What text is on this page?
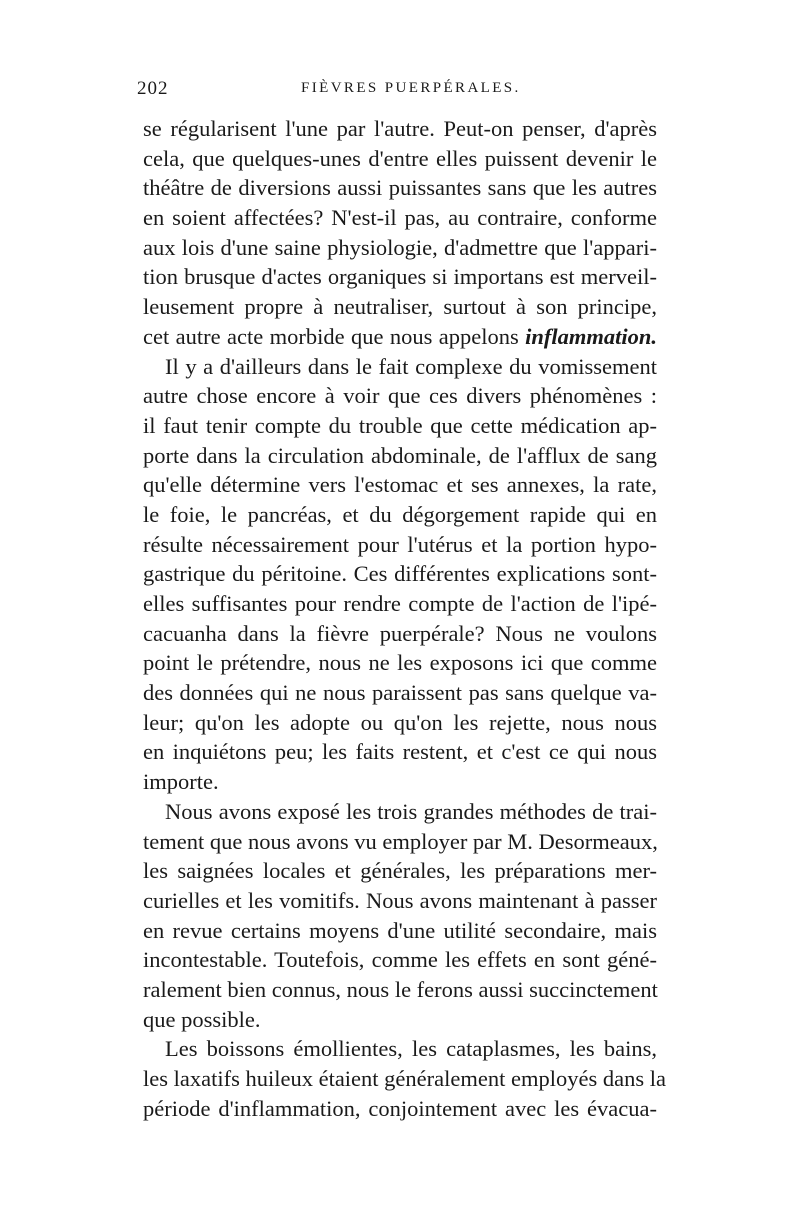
202	FIÈVRES PUERPÉRALES.
se régularisent l'une par l'autre. Peut-on penser, d'après
cela, que quelques-unes d'entre elles puissent devenir le
théâtre de diversions aussi puissantes sans que les autres
en soient affectées? N'est-il pas, au contraire, conforme
aux lois d'une saine physiologie, d'admettre que l'appari-
tion brusque d'actes organiques si importans est merveil-
leusement propre à neutraliser, surtout à son principe,
cet autre acte morbide que nous appelons inflammation.
Il y a d'ailleurs dans le fait complexe du vomissement
autre chose encore à voir que ces divers phénomènes :
il faut tenir compte du trouble que cette médication ap-
porte dans la circulation abdominale, de l'afflux de sang
qu'elle détermine vers l'estomac et ses annexes, la rate,
le foie, le pancréas, et du dégorgement rapide qui en
résulte nécessairement pour l'utérus et la portion hypo-
gastrique du péritoine. Ces différentes explications sont-
elles suffisantes pour rendre compte de l'action de l'ipé-
cacuanha dans la fièvre puerpérale? Nous ne voulons
point le prétendre, nous ne les exposons ici que comme
des données qui ne nous paraissent pas sans quelque va-
leur; qu'on les adopte ou qu'on les rejette, nous nous
en inquiétons peu; les faits restent, et c'est ce qui nous
importe.
Nous avons exposé les trois grandes méthodes de trai-
tement que nous avons vu employer par M. Desormeaux,
les saignées locales et générales, les préparations mer-
curielles et les vomitifs. Nous avons maintenant à passer
en revue certains moyens d'une utilité secondaire, mais
incontestable. Toutefois, comme les effets en sont géné-
ralement bien connus, nous le ferons aussi succinctement
que possible.
Les boissons émollientes, les cataplasmes, les bains,
les laxatifs huileux étaient généralement employés dans la
période d'inflammation, conjointement avec les évacua-
